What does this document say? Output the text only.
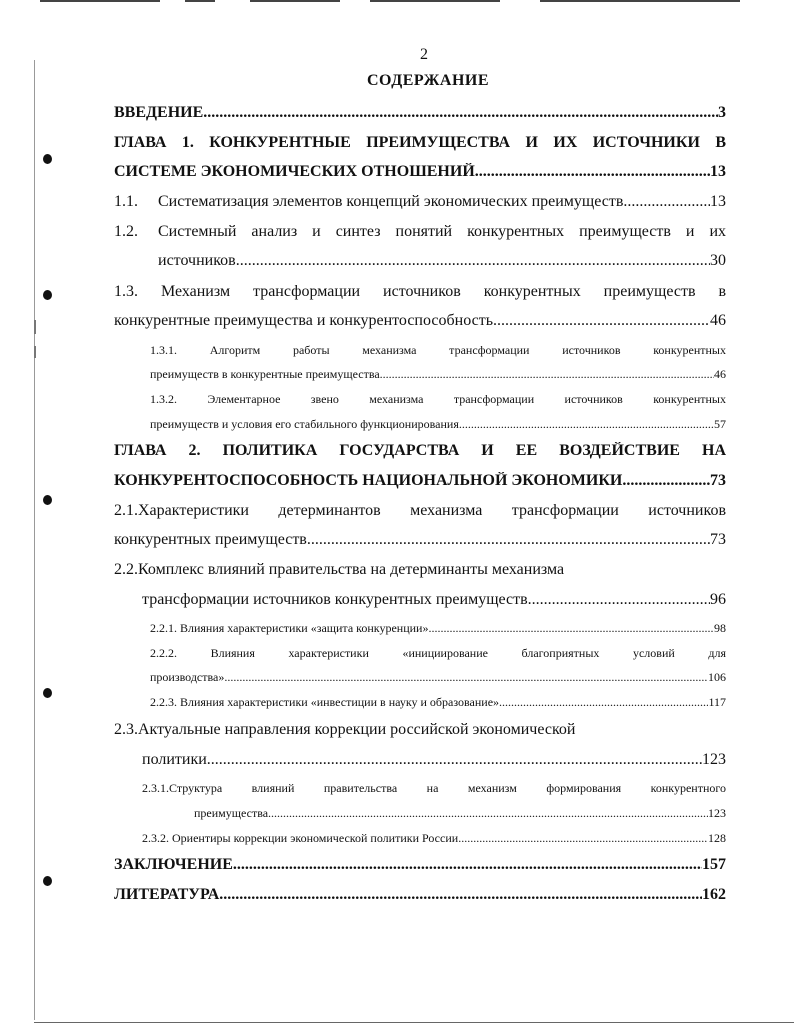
2
СОДЕРЖАНИЕ
ВВЕДЕНИЕ .....	3
ГЛАВА 1. КОНКУРЕНТНЫЕ ПРЕИМУЩЕСТВА И ИХ ИСТОЧНИКИ В
СИСТЕМЕ ЭКОНОМИЧЕСКИХ ОТНОШЕНИЙ .....	13
1.1.	Систематизация элементов концепций экономических преимуществ .....	13
1.2.	Системный анализ и синтез понятий конкурентных преимуществ и их
источников .....	30
1.3. Механизм трансформации источников конкурентных преимуществ в
конкурентные преимущества и конкурентоспособность .....	46
1.3.1. Алгоритм работы механизма трансформации источников конкурентных
преимуществ в конкурентные преимущества .....	46
1.3.2. Элементарное звено механизма трансформации источников конкурентных
преимуществ и условия его стабильного функционирования .....	57
ГЛАВА 2. ПОЛИТИКА ГОСУДАРСТВА И ЕЕ ВОЗДЕЙСТВИЕ НА
КОНКУРЕНТОСПОСОБНОСТЬ НАЦИОНАЛЬНОЙ ЭКОНОМИКИ .....	73
2.1.Характеристики детерминантов механизма трансформации источников
конкурентных преимуществ .....	73
2.2.Комплекс влияний правительства на детерминанты механизма
трансформации источников конкурентных преимуществ .....	96
2.2.1. Влияния характеристики «защита конкуренции» .....	98
2.2.2. Влияния характеристики «инициирование благоприятных условий для
производства» .....	106
2.2.3. Влияния характеристики «инвестиции в науку и образование» .....	117
2.3.Актуальные направления коррекции российской экономической
политики .....	123
2.3.1.Структура влияний правительства на механизм формирования конкурентного
преимущества .....	123
2.3.2. Ориентиры коррекции экономической политики России .....	128
ЗАКЛЮЧЕНИЕ .....	157
ЛИТЕРАТУРА .....	162
